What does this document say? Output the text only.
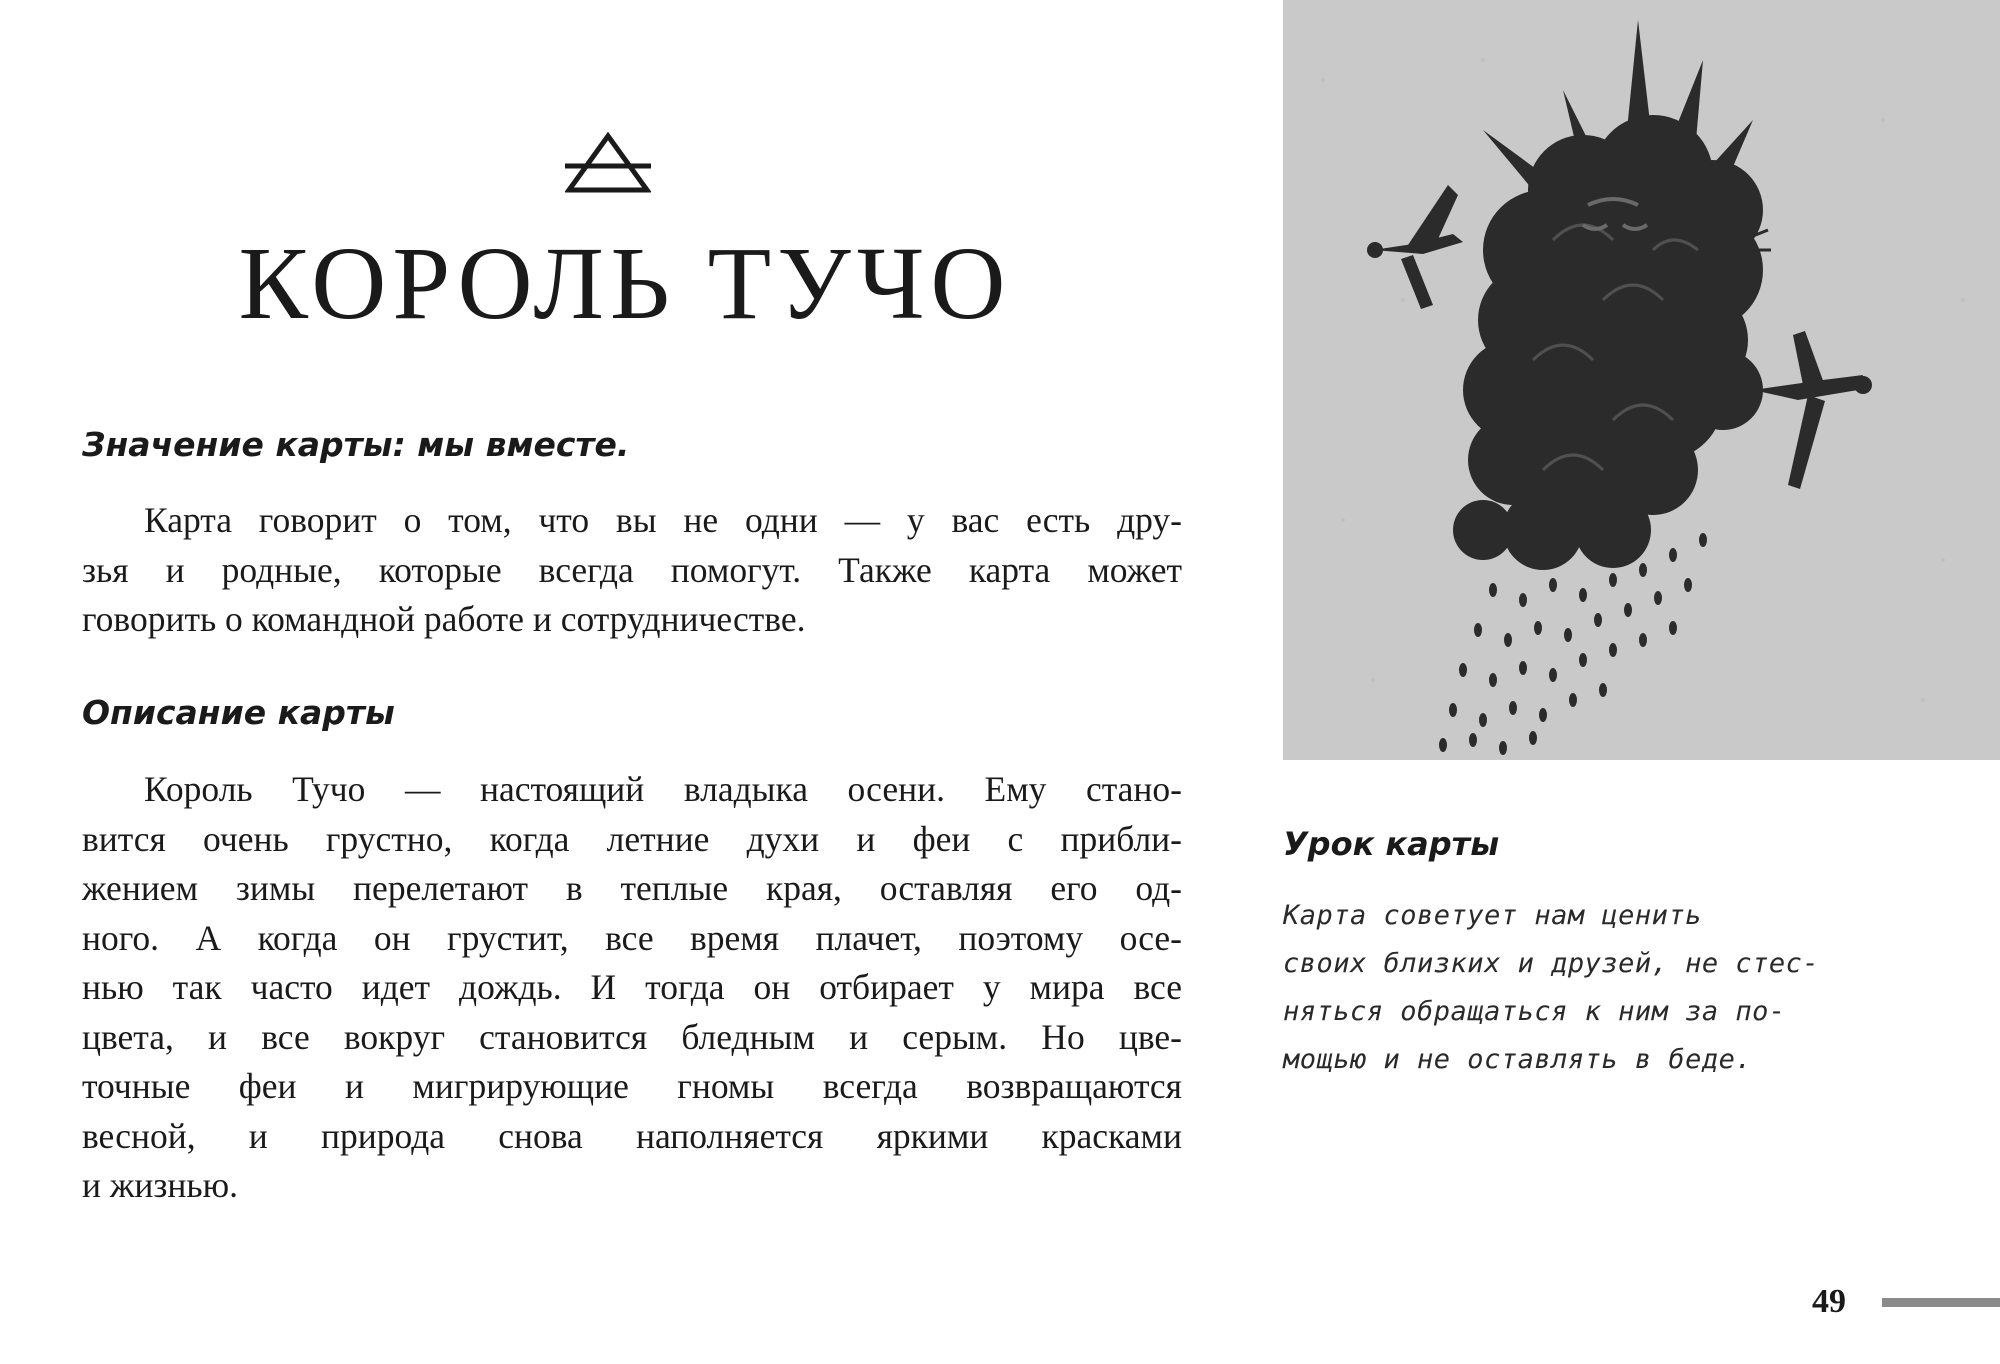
КОРОЛЬ ТУЧО
Значение карты: мы вместе.

Карта говорит о том, что вы не одни — у вас есть дру-
зья и родные, которые всегда помогут. Также карта может
говорить о командной работе и сотрудничестве.

Описание карты

Король Тучо — настоящий владыка осени. Ему стано-
вится очень грустно, когда летние духи и феи с прибли-
жением зимы перелетают в теплые края, оставляя его од-
ного. А когда он грустит, все время плачет, поэтому осе-
нью так часто идет дождь. И тогда он отбирает у мира все
цвета, и все вокруг становится бледным и серым. Но цве-
точные феи и мигрирующие гномы всегда возвращаются
весной, и природа снова наполняется яркими красками
и жизнью.

Урок карты
Карта советует нам ценить
своих близких и друзей, не стес-
няться обращаться к ним за по-
мощью и не оставлять в беде.

49
